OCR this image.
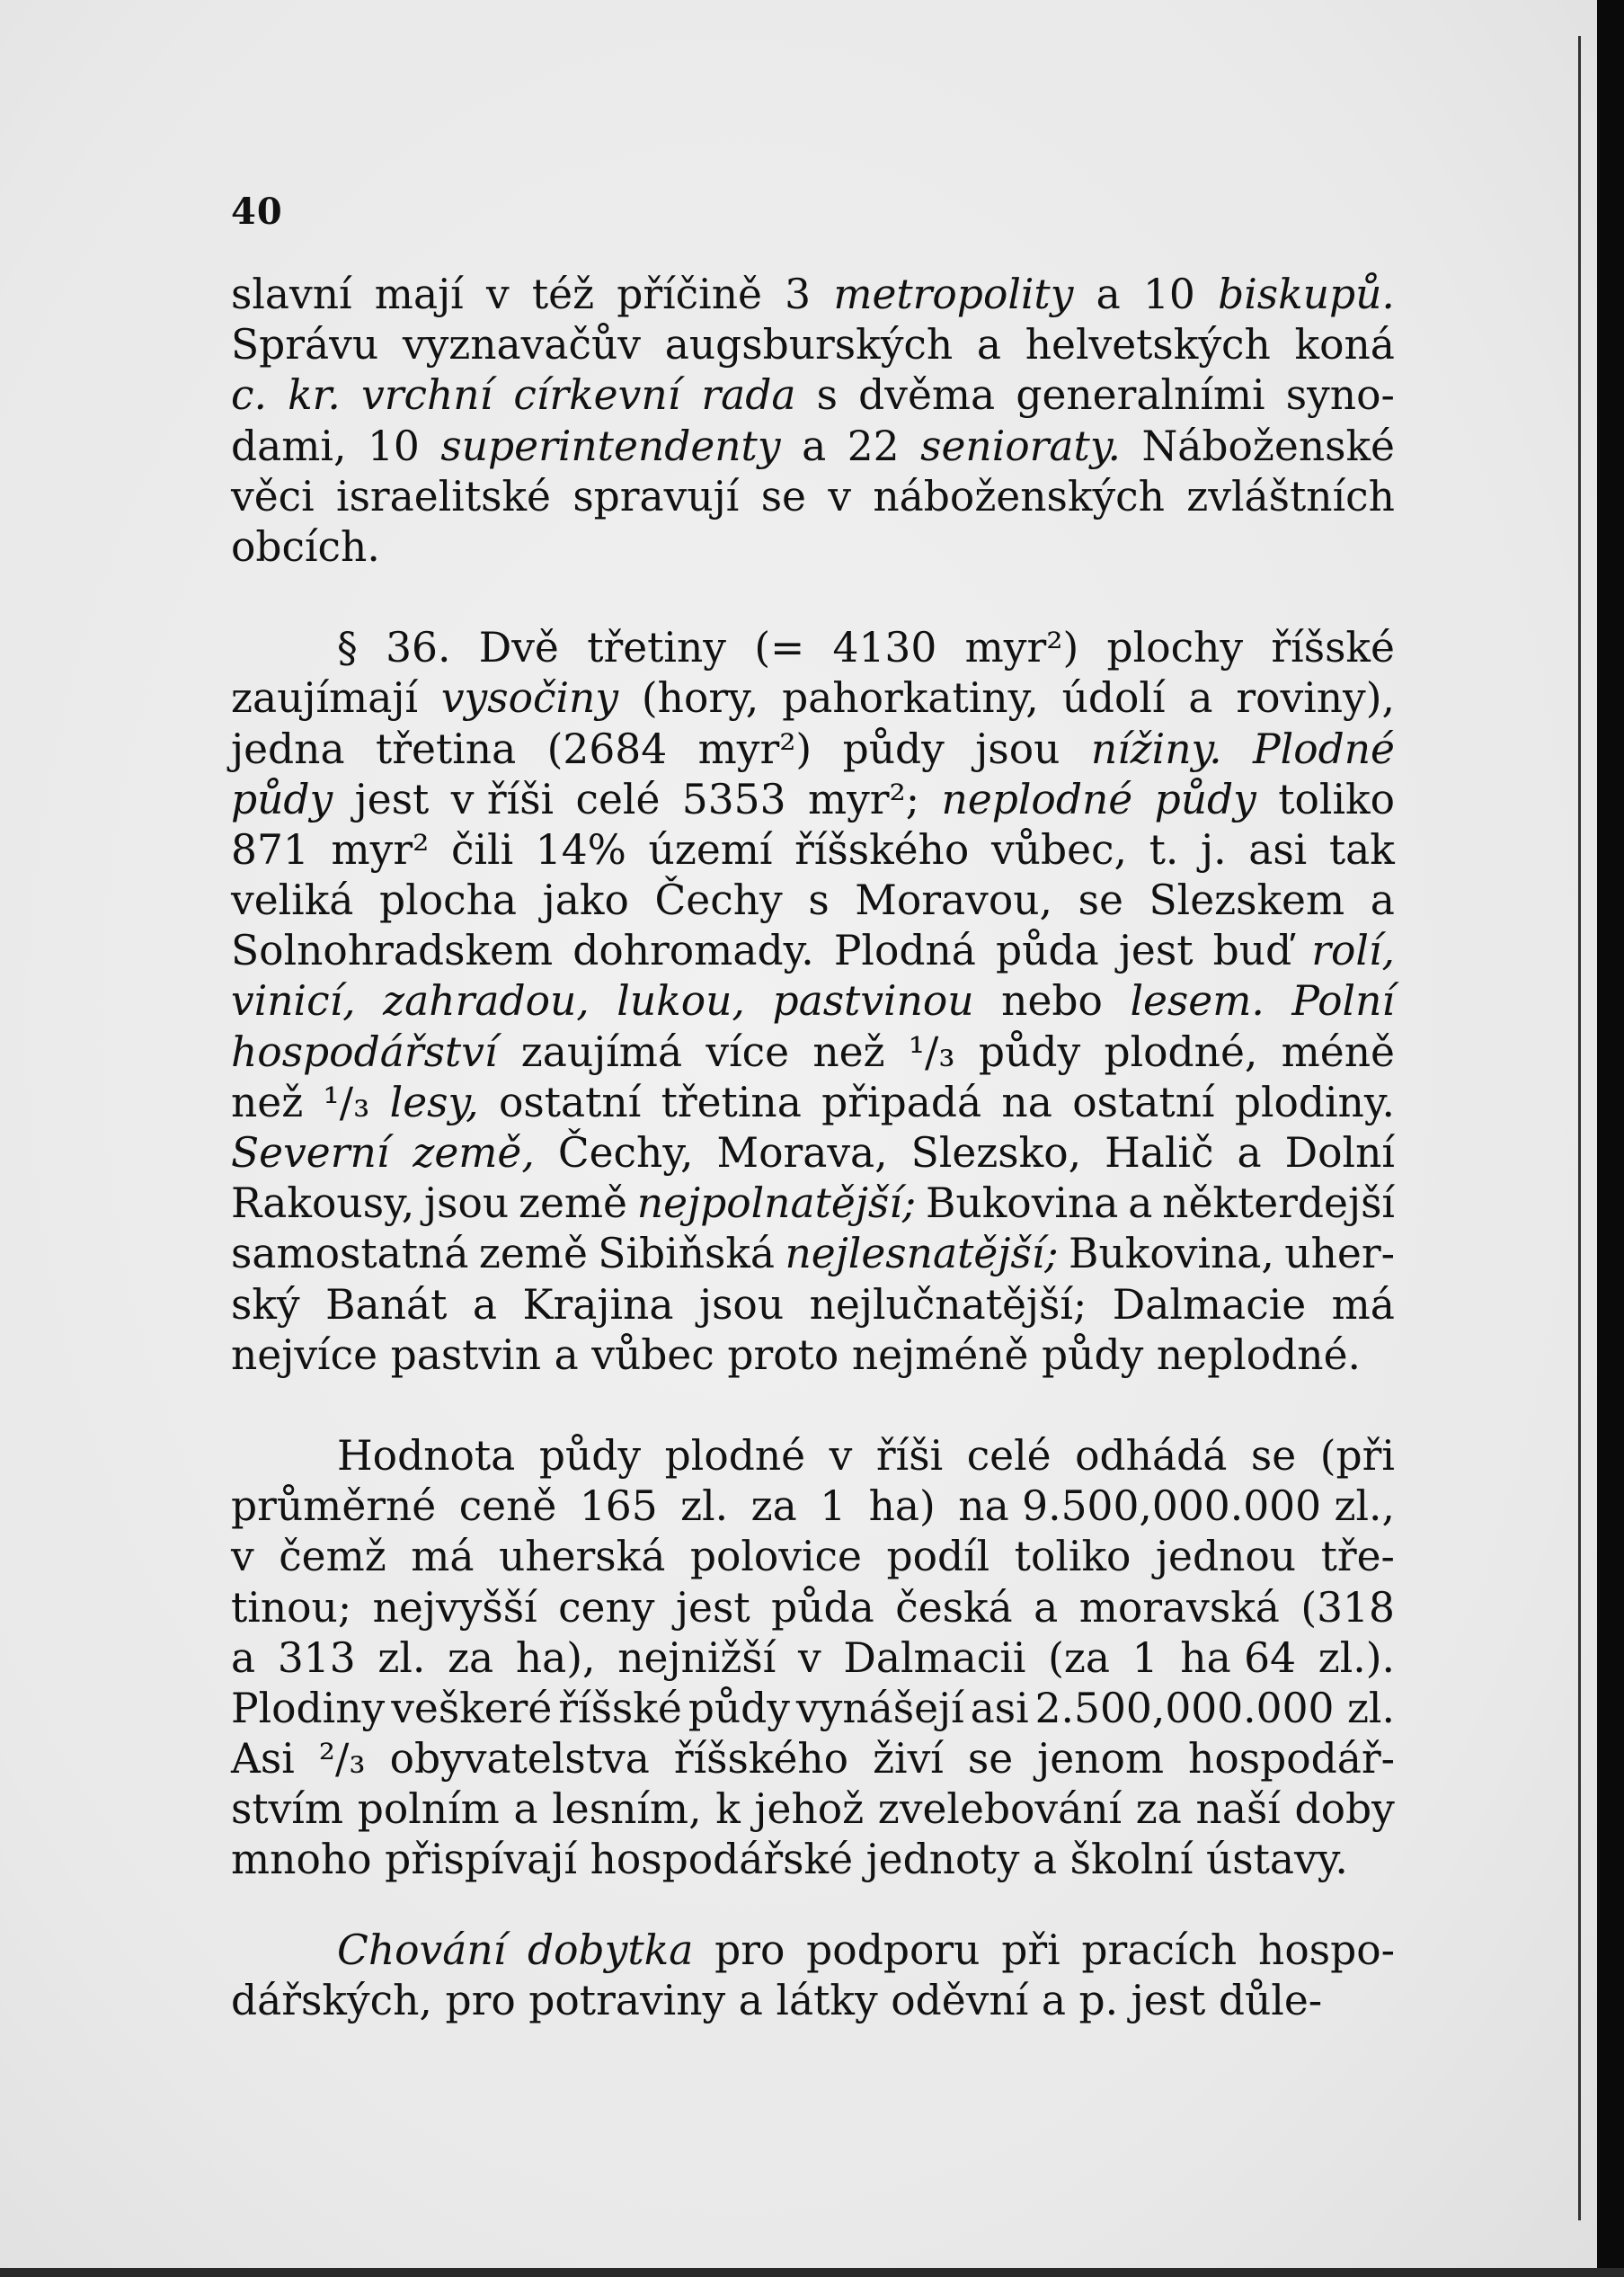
40
slavní mají v též příčině 3 metropolity a 10 biskupů.
Správu vyznavačův augsburských a helvetských koná
c. kr. vrchní církevní rada s dvěma generalními syno-
dami, 10 superintendenty a 22 senioraty. Náboženské
věci israelitské spravují se v náboženských zvláštních
obcích.
§ 36. Dvě třetiny (= 4130 myr²) plochy říšské
zaujímají vysočiny (hory, pahorkatiny, údolí a roviny),
jedna třetina (2684 myr²) půdy jsou nížiny. Plodné
půdy jest v říši celé 5353 myr²; neplodné půdy toliko
871 myr² čili 14% území říšského vůbec, t. j. asi tak
veliká plocha jako Čechy s Moravou, se Slezskem a
Solnohradskem dohromady. Plodná půda jest buď rolí,
vinicí, zahradou, lukou, pastvinou nebo lesem. Polní
hospodářství zaujímá více než ¹/₃ půdy plodné, méně
než ¹/₃ lesy, ostatní třetina připadá na ostatní plodiny.
Severní země, Čechy, Morava, Slezsko, Halič a Dolní
Rakousy, jsou země nejpolnatější; Bukovina a některdejší
samostatná země Sibiňská nejlesnatější; Bukovina, uher-
ský Banát a Krajina jsou nejlučnatější; Dalmacie má
nejvíce pastvin a vůbec proto nejméně půdy neplodné.
Hodnota půdy plodné v říši celé odhádá se (při
průměrné ceně 165 zl. za 1 ha) na 9.500,000.000 zl.,
v čemž má uherská polovice podíl toliko jednou tře-
tinou; nejvyšší ceny jest půda česká a moravská (318
a 313 zl. za ha), nejnižší v Dalmacii (za 1 ha 64 zl.).
Plodiny veškeré říšské půdy vynášejí asi 2.500,000.000 zl.
Asi ²/₃ obyvatelstva říšského živí se jenom hospodář-
stvím polním a lesním, k jehož zvelebování za naší doby
mnoho přispívají hospodářské jednoty a školní ústavy.
Chování dobytka pro podporu při pracích hospo-
dářských, pro potraviny a látky oděvní a p. jest důle-
